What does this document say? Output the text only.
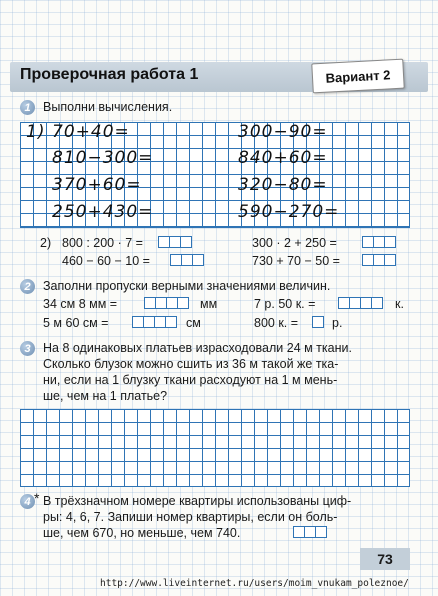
Проверочная работа 1	Вариант 2
1 Выполни вычисления.
1) 70+40=	300−90=
810−300=	840+60=
370+60=	320−80=
250+430=	590−270=
2) 800 : 200 · 7 =	300 · 2 + 250 =
460 − 60 − 10 =	730 + 70 − 50 =
2 Заполни пропуски верными значениями величин.
34 см 8 мм =	мм	7 р. 50 к. =	к.
5 м 60 см =	см	800 к. =	р.
3 На 8 одинаковых платьев израсходовали 24 м ткани.
Сколько блузок можно сшить из 36 м такой же тка-
ни, если на 1 блузку ткани расходуют на 1 м мень-
ше, чем на 1 платье?
4 * В трёхзначном номере квартиры использованы циф-
ры: 4, 6, 7. Запиши номер квартиры, если он боль-
ше, чем 670, но меньше, чем 740.
73
http://www.liveinternet.ru/users/moim_vnukam_poleznoe/
